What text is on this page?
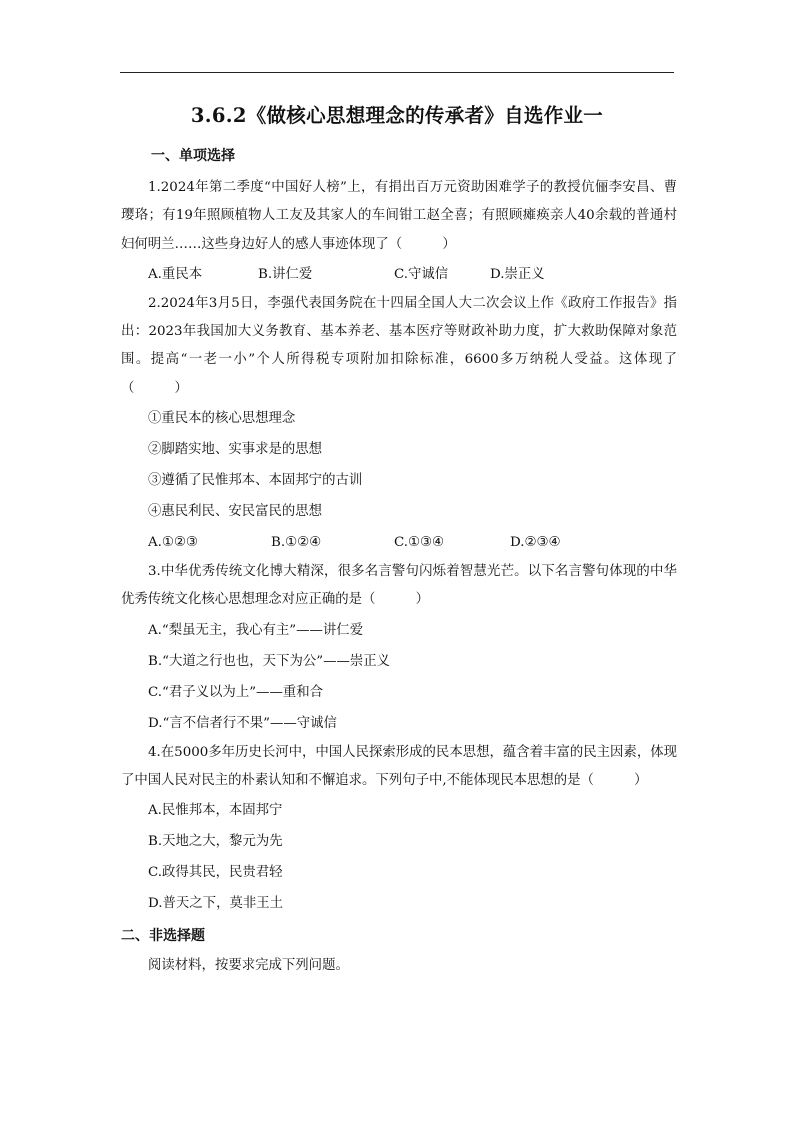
3.6.2《做核心思想理念的传承者》自选作业一
一、单项选择
1.2024年第二季度“中国好人榜”上，有捐出百万元资助困难学子的教授伉俪李安昌、曹璎珞；有19年照顾植物人工友及其家人的车间钳工赵全喜；有照顾瘫痪亲人40余载的普通村妇何明兰……这些身边好人的感人事迹体现了（　　　）
A.重民本	B.讲仁爱	C.守诚信	D.崇正义
2.2024年3月5日，李强代表国务院在十四届全国人大二次会议上作《政府工作报告》指出：2023年我国加大义务教育、基本养老、基本医疗等财政补助力度，扩大救助保障对象范围。提高“一老一小”个人所得税专项附加扣除标准，6600多万纳税人受益。这体现了（　　　）
①重民本的核心思想理念
②脚踏实地、实事求是的思想
③遵循了民惟邦本、本固邦宁的古训
④惠民利民、安民富民的思想
A.①②③	B.①②④	C.①③④	D.②③④
3.中华优秀传统文化博大精深，很多名言警句闪烁着智慧光芒。以下名言警句体现的中华优秀传统文化核心思想理念对应正确的是（　　　）
A.“梨虽无主，我心有主”——讲仁爱
B.“大道之行也也，天下为公”——崇正义
C.“君子义以为上”——重和合
D.“言不信者行不果”——守诚信
4.在5000多年历史长河中，中国人民探索形成的民本思想，蕴含着丰富的民主因素，体现了中国人民对民主的朴素认知和不懈追求。下列句子中,不能体现民本思想的是（　　　）
A.民惟邦本，本固邦宁
B.天地之大，黎元为先
C.政得其民，民贵君轻
D.普天之下，莫非王土
二、非选择题
阅读材料，按要求完成下列问题。
